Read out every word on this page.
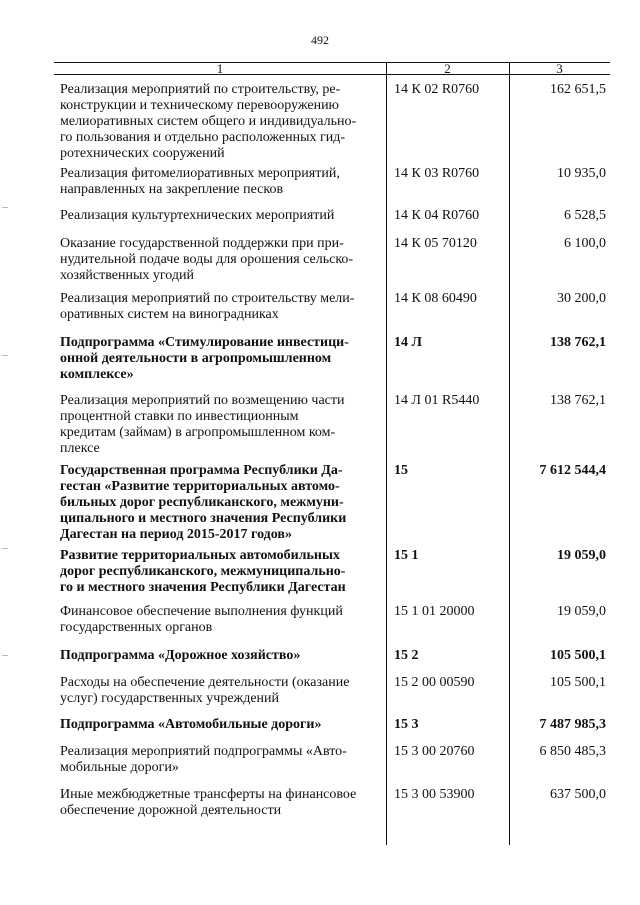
492
1	2	3
Реализация мероприятий по строительству, ре-
конструкции и техническому перевооружению
мелиоративных систем общего и индивидуально-
го пользования и отдельно расположенных гид-
ротехнических сооружений
14 К 02 R0760	162 651,5
Реализация фитомелиоративных мероприятий,
направленных на закрепление песков
14 К 03 R0760	10 935,0
Реализация культуртехнических мероприятий	14 К 04 R0760	6 528,5
Оказание государственной поддержки при при-
нудительной подаче воды для орошения сельско-
хозяйственных угодий
14 К 05 70120	6 100,0
Реализация мероприятий по строительству мели-
оративных систем на виноградниках
14 К 08 60490	30 200,0
Подпрограмма «Стимулирование инвестици-
онной деятельности в агропромышленном
комплексе»
14 Л	138 762,1
Реализация мероприятий по возмещению части
процентной ставки по инвестиционным
кредитам (займам) в агропромышленном ком-
плексе
14 Л 01 R5440	138 762,1
Государственная программа Республики Да-
гестан «Развитие территориальных автомо-
бильных дорог республиканского, межмуни-
ципального и местного значения Республики
Дагестан на период 2015-2017 годов»
15	7 612 544,4
Развитие территориальных автомобильных
дорог республиканского, межмуниципально-
го и местного значения Республики Дагестан
15 1	19 059,0
Финансовое обеспечение выполнения функций
государственных органов
15 1 01 20000	19 059,0
Подпрограмма «Дорожное хозяйство»	15 2	105 500,1
Расходы на обеспечение деятельности (оказание
услуг) государственных учреждений
15 2 00 00590	105 500,1
Подпрограмма «Автомобильные дороги»	15 3	7 487 985,3
Реализация мероприятий подпрограммы «Авто-
мобильные дороги»
15 3 00 20760	6 850 485,3
Иные межбюджетные трансферты на финансовое
обеспечение дорожной деятельности
15 3 00 53900	637 500,0
